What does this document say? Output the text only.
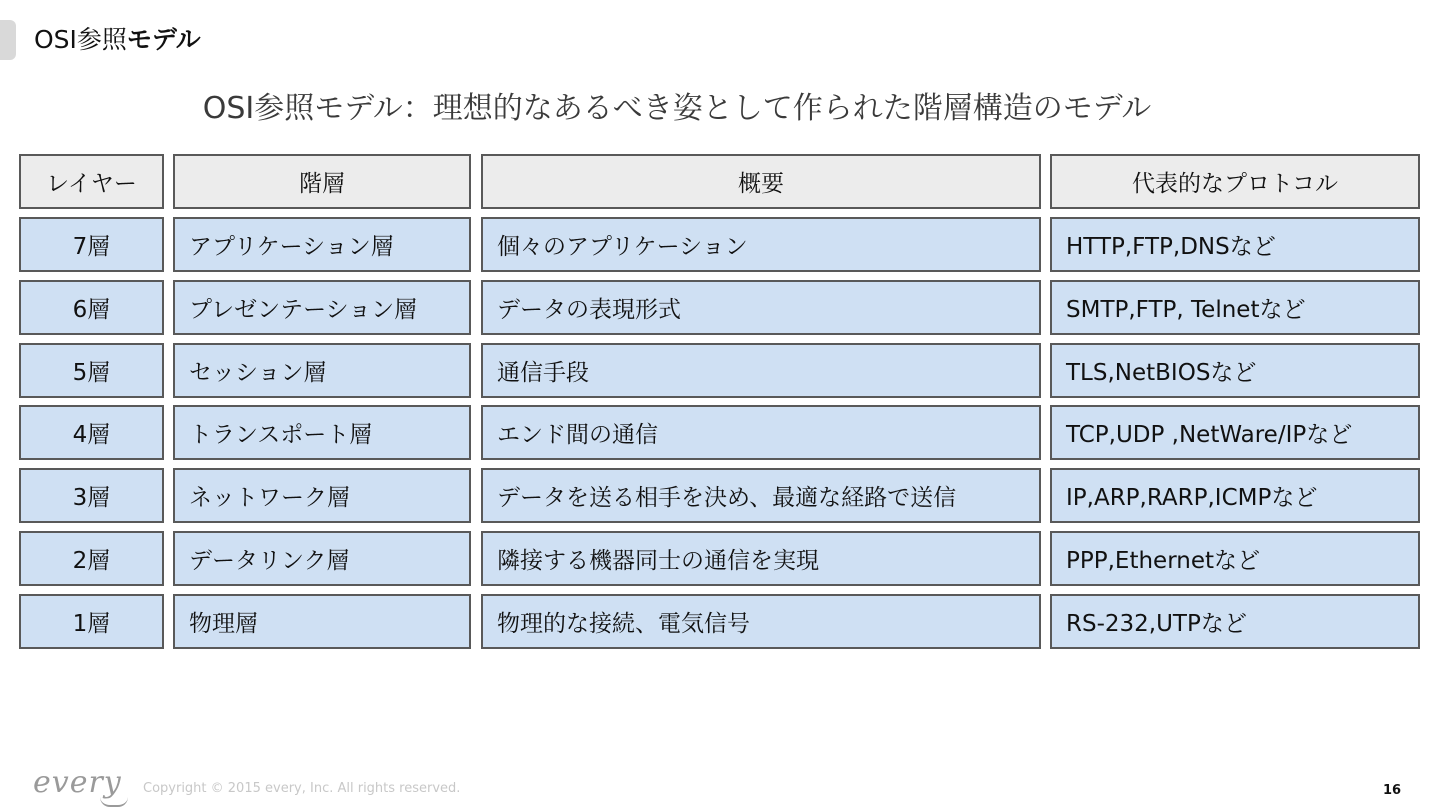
OSI参照モデル
OSI参照モデル：理想的なあるべき姿として作られた階層構造のモデル
レイヤー	階層	概要	代表的なプロトコル
7層	アプリケーション層	個々のアプリケーション	HTTP,FTP,DNSなど
6層	プレゼンテーション層	データの表現形式	SMTP,FTP, Telnetなど
5層	セッション層	通信手段	TLS,NetBIOSなど
4層	トランスポート層	エンド間の通信	TCP,UDP ,NetWare/IPなど
3層	ネットワーク層	データを送る相手を決め、最適な経路で送信	IP,ARP,RARP,ICMPなど
2層	データリンク層	隣接する機器同士の通信を実現	PPP,Ethernetなど
1層	物理層	物理的な接続、電気信号	RS-232,UTPなど
every Copyright © 2015 every, Inc. All rights reserved.	16
